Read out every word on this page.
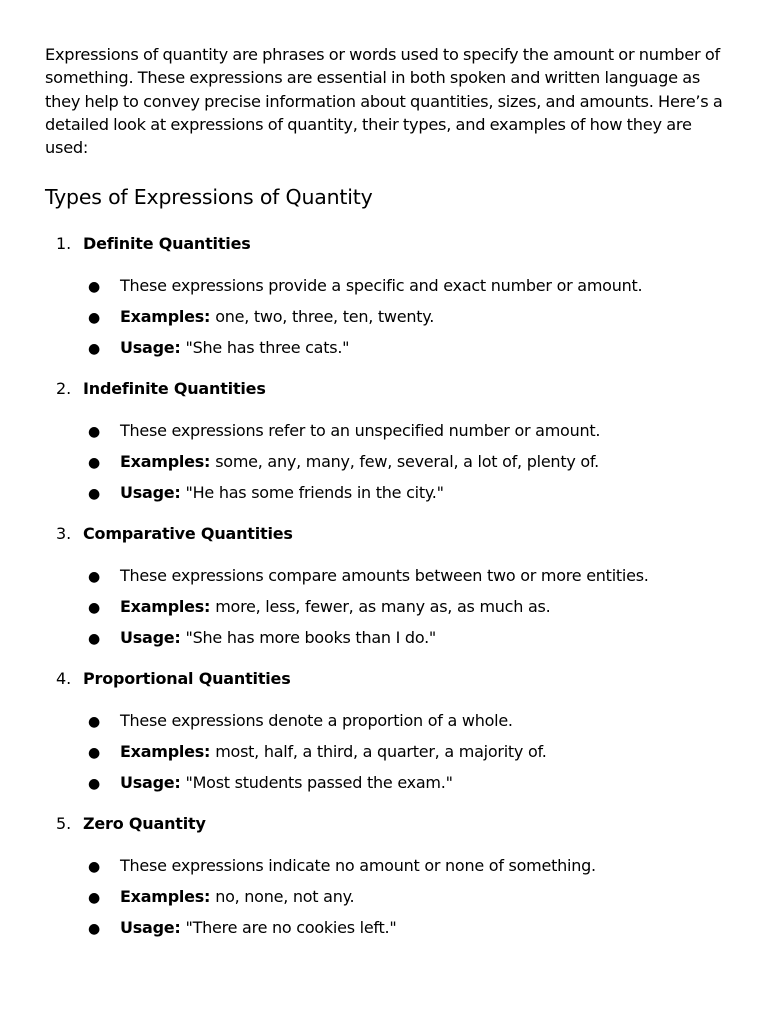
Expressions of quantity are phrases or words used to specify the amount or number of something. These expressions are essential in both spoken and written language as they help to convey precise information about quantities, sizes, and amounts. Here’s a detailed look at expressions of quantity, their types, and examples of how they are used:

Types of Expressions of Quantity
1. Definite Quantities
●	These expressions provide a specific and exact number or amount.
●	Examples: one, two, three, ten, twenty.
●	Usage: "She has three cats."
2. Indefinite Quantities
●	These expressions refer to an unspecified number or amount.
●	Examples: some, any, many, few, several, a lot of, plenty of.
●	Usage: "He has some friends in the city."
3. Comparative Quantities
●	These expressions compare amounts between two or more entities.
●	Examples: more, less, fewer, as many as, as much as.
●	Usage: "She has more books than I do."
4. Proportional Quantities
●	These expressions denote a proportion of a whole.
●	Examples: most, half, a third, a quarter, a majority of.
●	Usage: "Most students passed the exam."
5. Zero Quantity
●	These expressions indicate no amount or none of something.
●	Examples: no, none, not any.
●	Usage: "There are no cookies left."
